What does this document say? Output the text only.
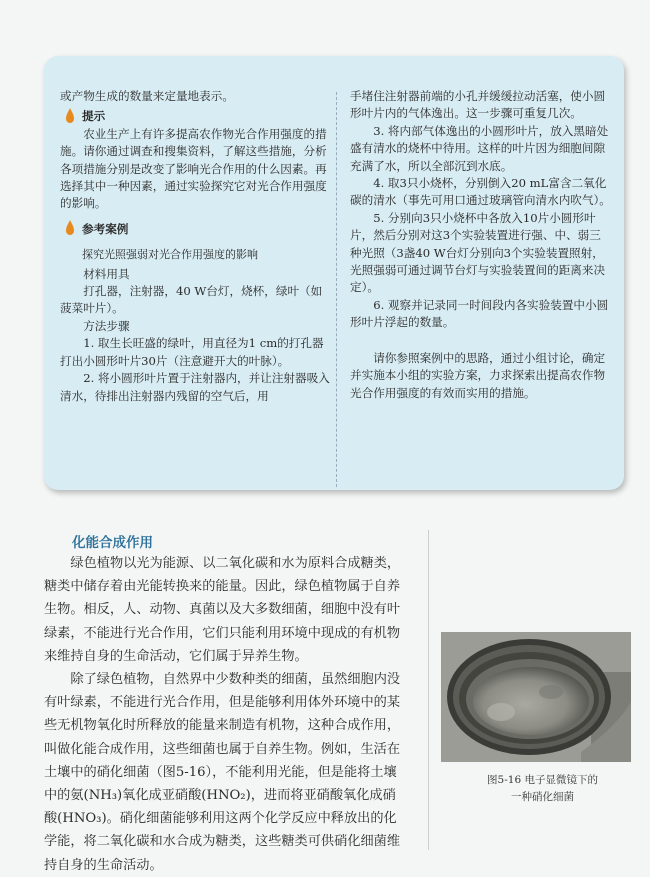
或产物生成的数量来定量地表示。

提示

农业生产上有许多提高农作物光合作用强度的措施。请你通过调查和搜集资料，了解这些措施，分析各项措施分别是改变了影响光合作用的什么因素。再选择其中一种因素，通过实验探究它对光合作用强度的影响。

参考案例

探究光照强弱对光合作用强度的影响

材料用具

打孔器，注射器，40 W台灯，烧杯，绿叶（如菠菜叶片）。

方法步骤

1. 取生长旺盛的绿叶，用直径为1 cm的打孔器打出小圆形叶片30片（注意避开大的叶脉）。

2. 将小圆形叶片置于注射器内，并让注射器吸入清水，待排出注射器内残留的空气后，用

手堵住注射器前端的小孔并缓缓拉动活塞，使小圆形叶片内的气体逸出。这一步骤可重复几次。

3. 将内部气体逸出的小圆形叶片，放入黑暗处盛有清水的烧杯中待用。这样的叶片因为细胞间隙充满了水，所以全部沉到水底。

4. 取3只小烧杯，分别倒入20 mL富含二氧化碳的清水（事先可用口通过玻璃管向清水内吹气）。

5. 分别向3只小烧杯中各放入10片小圆形叶片，然后分别对这3个实验装置进行强、中、弱三种光照（3盏40 W台灯分别向3个实验装置照射，光照强弱可通过调节台灯与实验装置间的距离来决定）。

6. 观察并记录同一时间段内各实验装置中小圆形叶片浮起的数量。

请你参照案例中的思路，通过小组讨论，确定并实施本小组的实验方案，力求探索出提高农作物光合作用强度的有效而实用的措施。

化能合成作用

绿色植物以光为能源、以二氧化碳和水为原料合成糖类，糖类中储存着由光能转换来的能量。因此，绿色植物属于自养生物。相反，人、动物、真菌以及大多数细菌，细胞中没有叶绿素，不能进行光合作用，它们只能利用环境中现成的有机物来维持自身的生命活动，它们属于异养生物。

除了绿色植物，自然界中少数种类的细菌，虽然细胞内没有叶绿素，不能进行光合作用，但是能够利用体外环境中的某些无机物氧化时所释放的能量来制造有机物，这种合成作用，叫做化能合成作用，这些细菌也属于自养生物。例如，生活在土壤中的硝化细菌（图5-16），不能利用光能，但是能将土壤中的氨(NH₃)氧化成亚硝酸(HNO₂)，进而将亚硝酸氧化成硝酸(HNO₃)。硝化细菌能够利用这两个化学反应中释放出的化学能，将二氧化碳和水合成为糖类，这些糖类可供硝化细菌维持自身的生命活动。

图5-16 电子显微镜下的
一种硝化细菌
